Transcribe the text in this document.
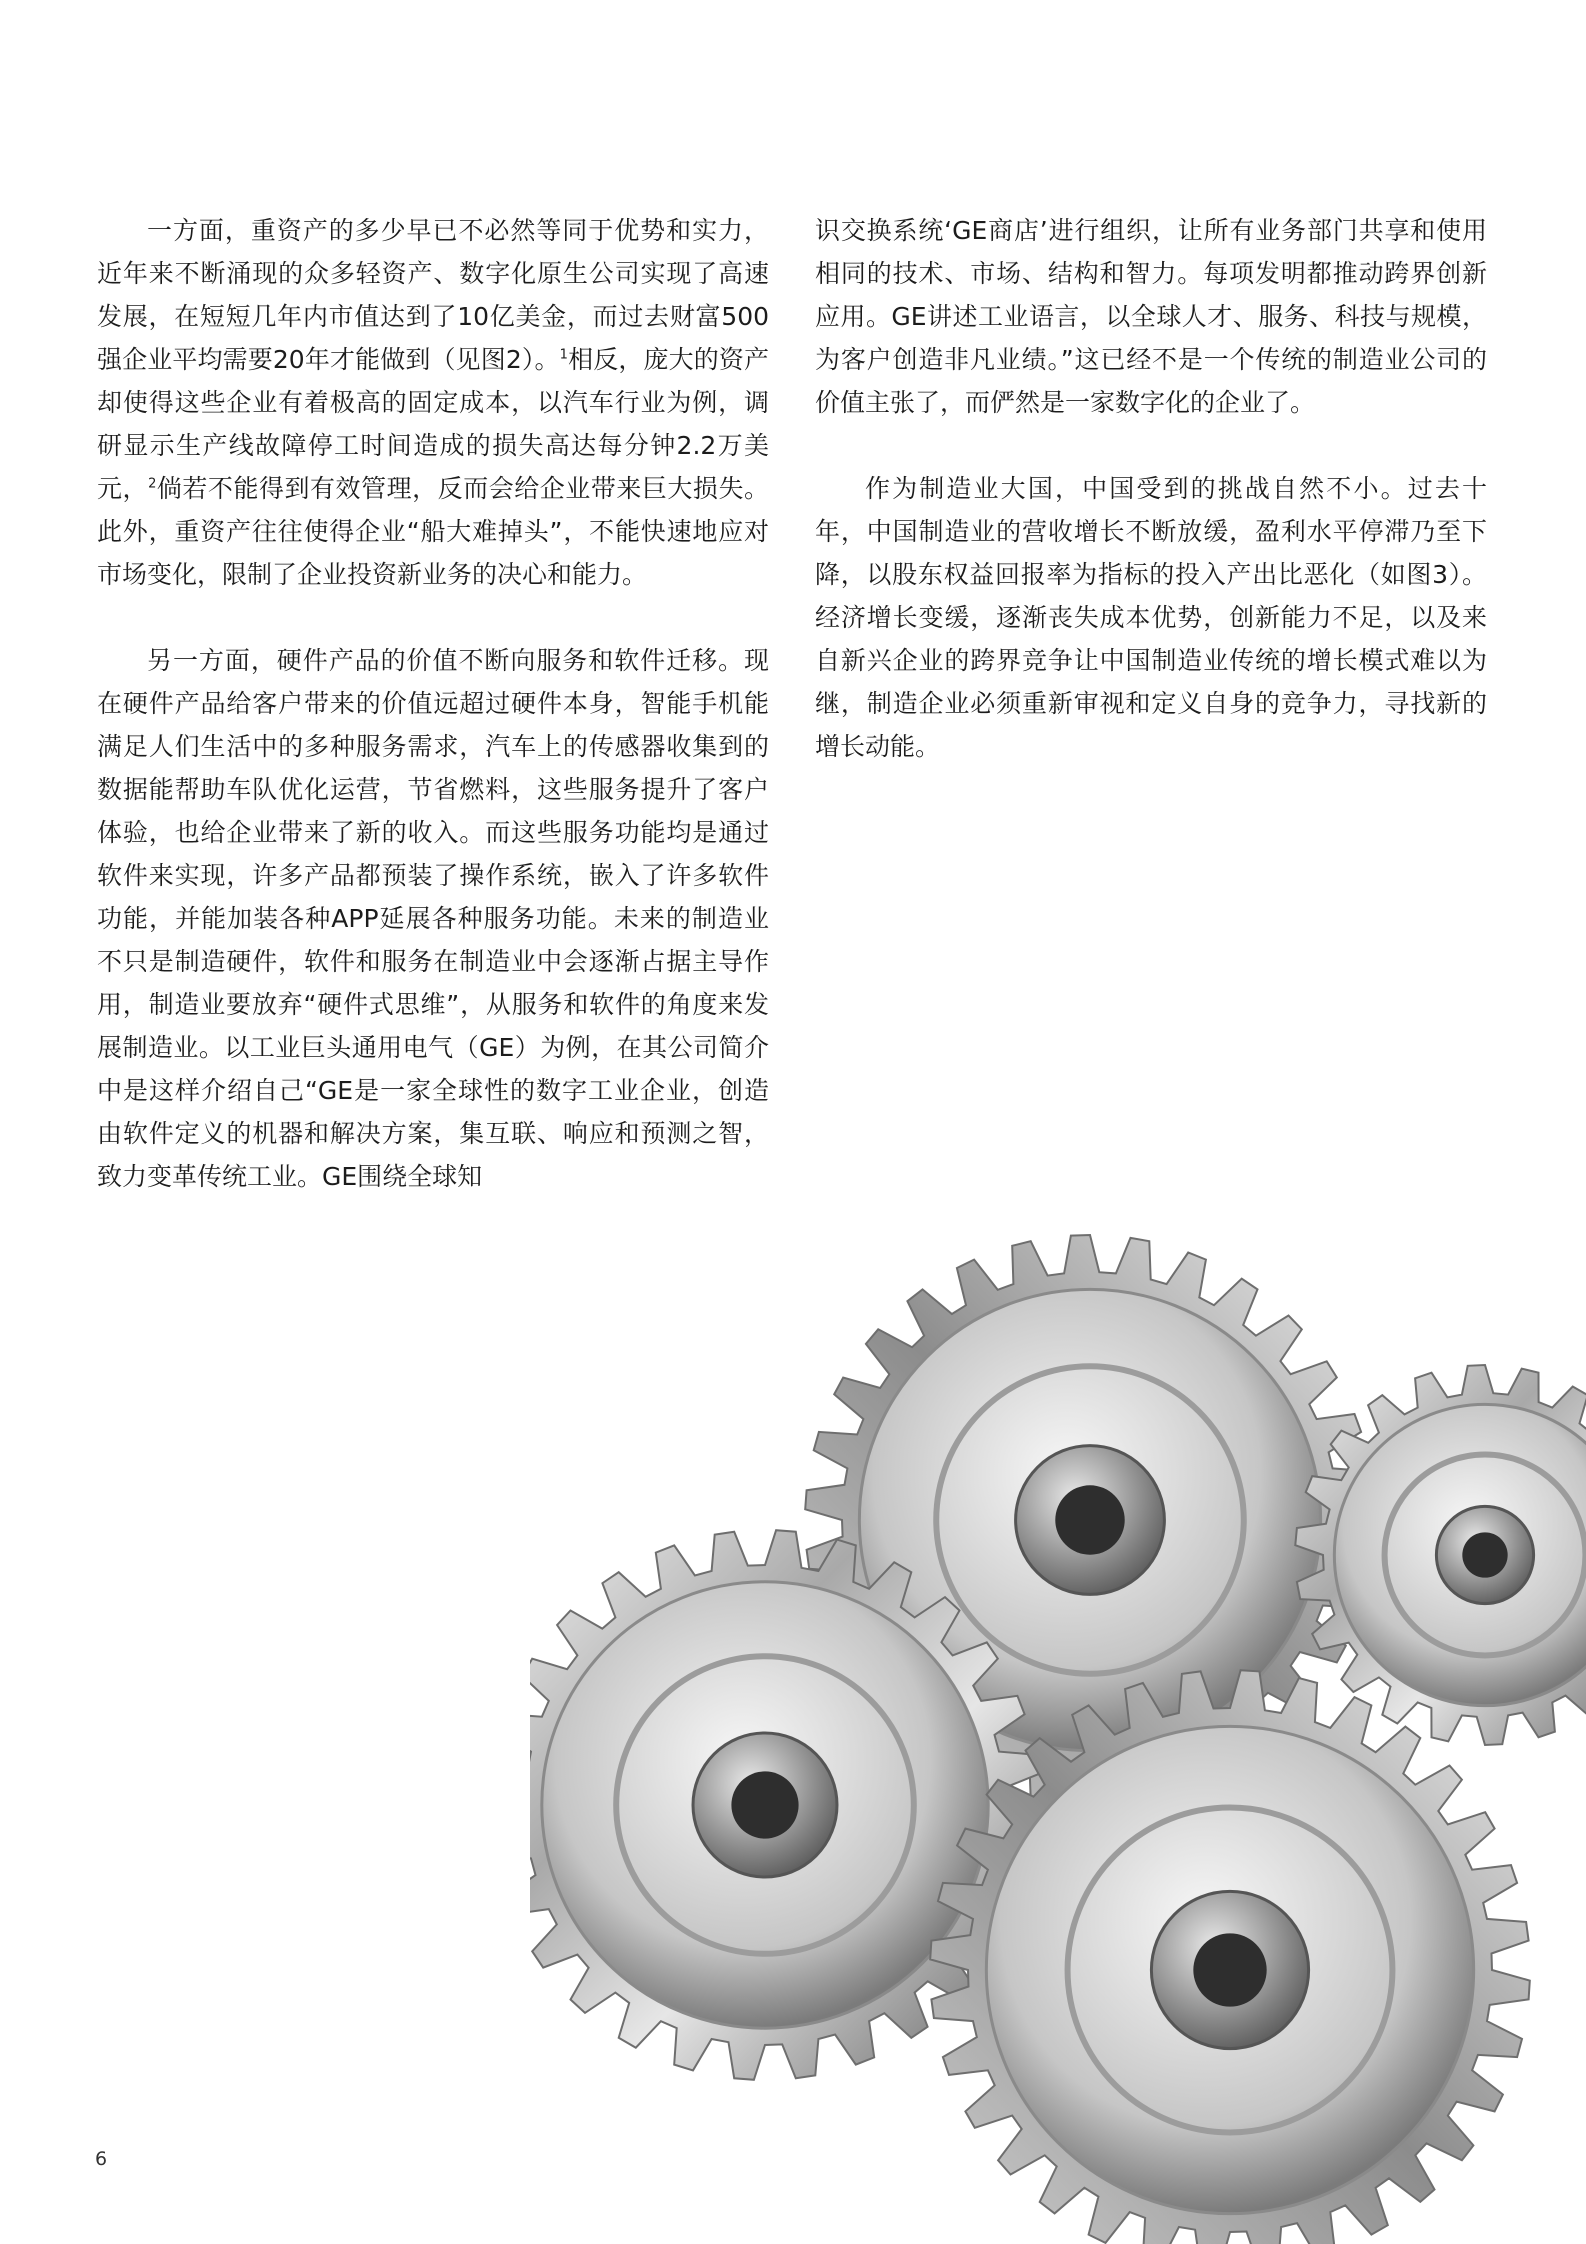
一方面，重资产的多少早已不必然等同于优势和实力，近年来不断涌现的众多轻资产、数字化原生公司实现了高速发展，在短短几年内市值达到了10亿美金，而过去财富500强企业平均需要20年才能做到（见图2）。$^1$相反，庞大的资产却使得这些企业有着极高的固定成本，以汽车行业为例，调研显示生产线故障停工时间造成的损失高达每分钟2.2万美元，$^2$倘若不能得到有效管理，反而会给企业带来巨大损失。此外，重资产往往使得企业“船大难掉头”，不能快速地应对市场变化，限制了企业投资新业务的决心和能力。

另一方面，硬件产品的价值不断向服务和软件迁移。现在硬件产品给客户带来的价值远超过硬件本身，智能手机能满足人们生活中的多种服务需求，汽车上的传感器收集到的数据能帮助车队优化运营，节省燃料，这些服务提升了客户体验，也给企业带来了新的收入。而这些服务功能均是通过软件来实现，许多产品都预装了操作系统，嵌入了许多软件功能，并能加装各种APP延展各种服务功能。未来的制造业不只是制造硬件，软件和服务在制造业中会逐渐占据主导作用，制造业要放弃“硬件式思维”，从服务和软件的角度来发展制造业。以工业巨头通用电气（GE）为例，在其公司简介中是这样介绍自己“GE是一家全球性的数字工业企业，创造由软件定义的机器和解决方案，集互联、响应和预测之智，致力变革传统工业。GE围绕全球知

识交换系统‘GE商店’进行组织，让所有业务部门共享和使用相同的技术、市场、结构和智力。每项发明都推动跨界创新应用。GE讲述工业语言，以全球人才、服务、科技与规模，为客户创造非凡业绩。”这已经不是一个传统的制造业公司的价值主张了，而俨然是一家数字化的企业了。

作为制造业大国，中国受到的挑战自然不小。过去十年，中国制造业的营收增长不断放缓，盈利水平停滞乃至下降，以股东权益回报率为指标的投入产出比恶化（如图3）。经济增长变缓，逐渐丧失成本优势，创新能力不足，以及来自新兴企业的跨界竞争让中国制造业传统的增长模式难以为继，制造企业必须重新审视和定义自身的竞争力，寻找新的增长动能。

6
